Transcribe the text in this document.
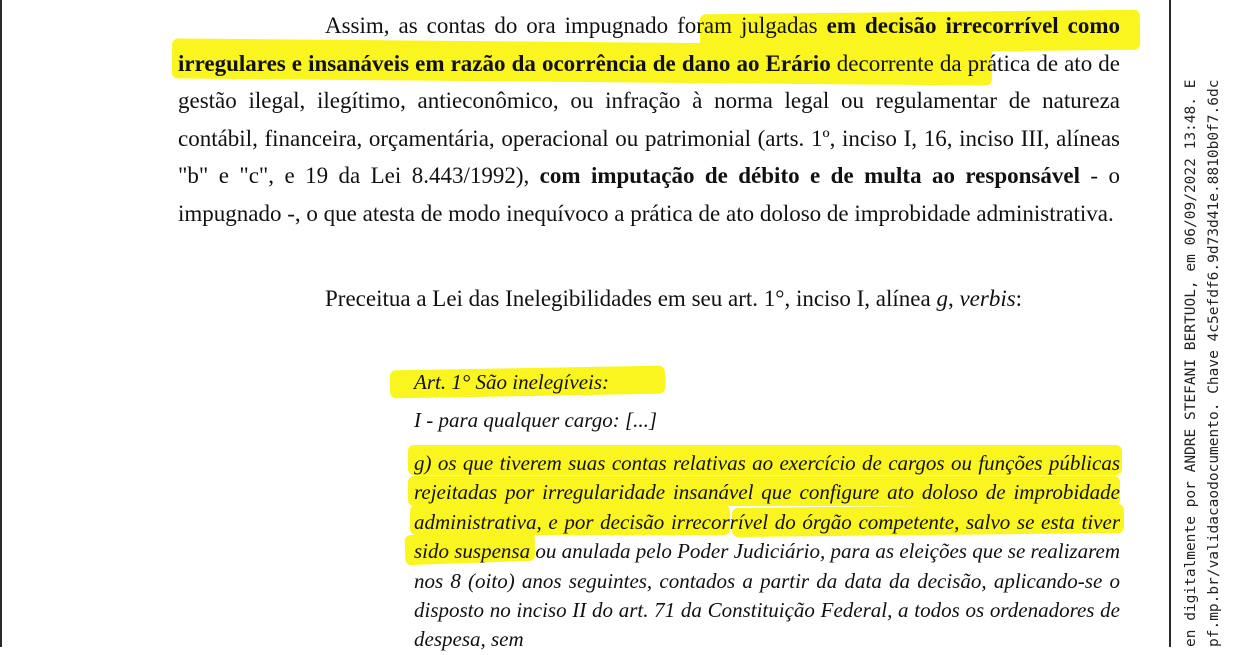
Assim, as contas do ora impugnado foram julgadas em decisão irrecorrível como irregulares e insanáveis em razão da ocorrência de dano ao Erário decorrente da prática de ato de gestão ilegal, ilegítimo, antieconômico, ou infração à norma legal ou regulamentar de natureza contábil, financeira, orçamentária, operacional ou patrimonial (arts. 1º, inciso I, 16, inciso III, alíneas "b" e "c", e 19 da Lei 8.443/1992), com imputação de débito e de multa ao responsável - o impugnado -, o que atesta de modo inequívoco a prática de ato doloso de improbidade administrativa.
Preceitua a Lei das Inelegibilidades em seu art. 1°, inciso I, alínea g, verbis:
Art. 1° São inelegíveis:
I - para qualquer cargo: [...]
g) os que tiverem suas contas relativas ao exercício de cargos ou funções públicas rejeitadas por irregularidade insanável que configure ato doloso de improbidade administrativa, e por decisão irrecorrível do órgão competente, salvo se esta tiver sido suspensa ou anulada pelo Poder Judiciário, para as eleições que se realizarem nos 8 (oito) anos seguintes, contados a partir da data da decisão, aplicando-se o disposto no inciso II do art. 71 da Constituição Federal, a todos os ordenadores de despesa, sem	en digitalmente por ANDRE STEFANI BERTUOL, em 06/09/2022 13:48. E pf.mp.br/validacaodocumento. Chave 4c5efdf6.9d73d41e.8810b0f7.6dc
